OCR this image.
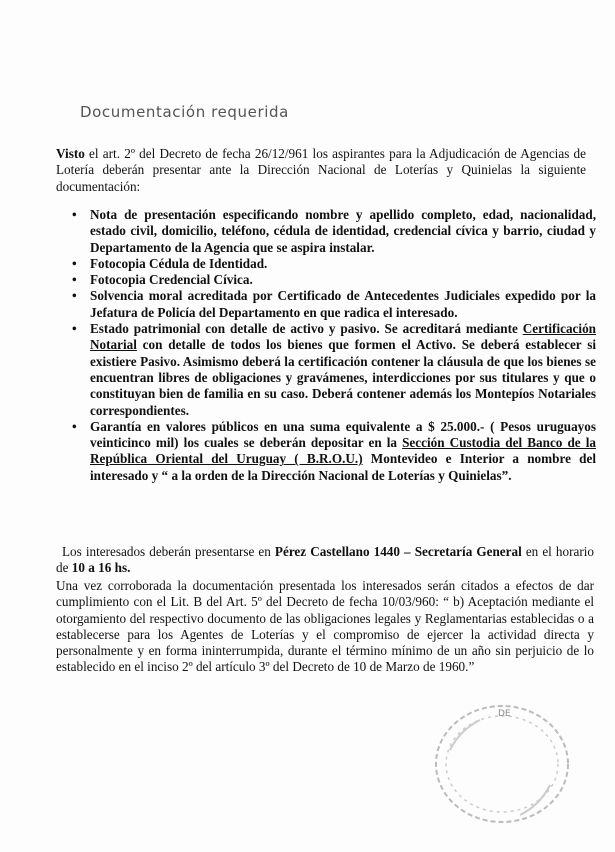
Documentación requerida

Visto el art. 2º del Decreto de fecha 26/12/961 los aspirantes para la Adjudicación de Agencias de Lotería deberán presentar ante la Dirección Nacional de Loterías y Quinielas la siguiente documentación:

• Nota de presentación especificando nombre y apellido completo, edad, nacionalidad, estado civil, domicilio, teléfono, cédula de identidad, credencial cívica y barrio, ciudad y Departamento de la Agencia que se aspira instalar.
• Fotocopia Cédula de Identidad.
• Fotocopia Credencial Cívica.
• Solvencia moral acreditada por Certificado de Antecedentes Judiciales expedido por la Jefatura de Policía del Departamento en que radica el interesado.
• Estado patrimonial con detalle de activo y pasivo. Se acreditará mediante Certificación Notarial con detalle de todos los bienes que formen el Activo. Se deberá establecer si existiere Pasivo. Asimismo deberá la certificación contener la cláusula de que los bienes se encuentran libres de obligaciones y gravámenes, interdicciones por sus titulares y que o constituyan bien de familia en su caso. Deberá contener además los Montepíos Notariales correspondientes.
• Garantía en valores públicos en una suma equivalente a $ 25.000.- ( Pesos uruguayos veinticinco mil) los cuales se deberán depositar en la Sección Custodia del Banco de la República Oriental del Uruguay ( B.R.O.U.) Montevideo e Interior a nombre del interesado y “ a la orden de la Dirección Nacional de Loterías y Quinielas”.

Los interesados deberán presentarse en Pérez Castellano 1440 – Secretaría General en el horario de 10 a 16 hs.

Una vez corroborada la documentación presentada los interesados serán citados a efectos de dar cumplimiento con el Lit. B del Art. 5º del Decreto de fecha 10/03/960: “ b) Aceptación mediante el otorgamiento del respectivo documento de las obligaciones legales y Reglamentarias establecidas o a establecerse para los Agentes de Loterías y el compromiso de ejercer la actividad directa y personalmente y en forma ininterrumpida, durante el término mínimo de un año sin perjuicio de lo establecido en el inciso 2º del artículo 3º del Decreto de 10 de Marzo de 1960.”

DE
